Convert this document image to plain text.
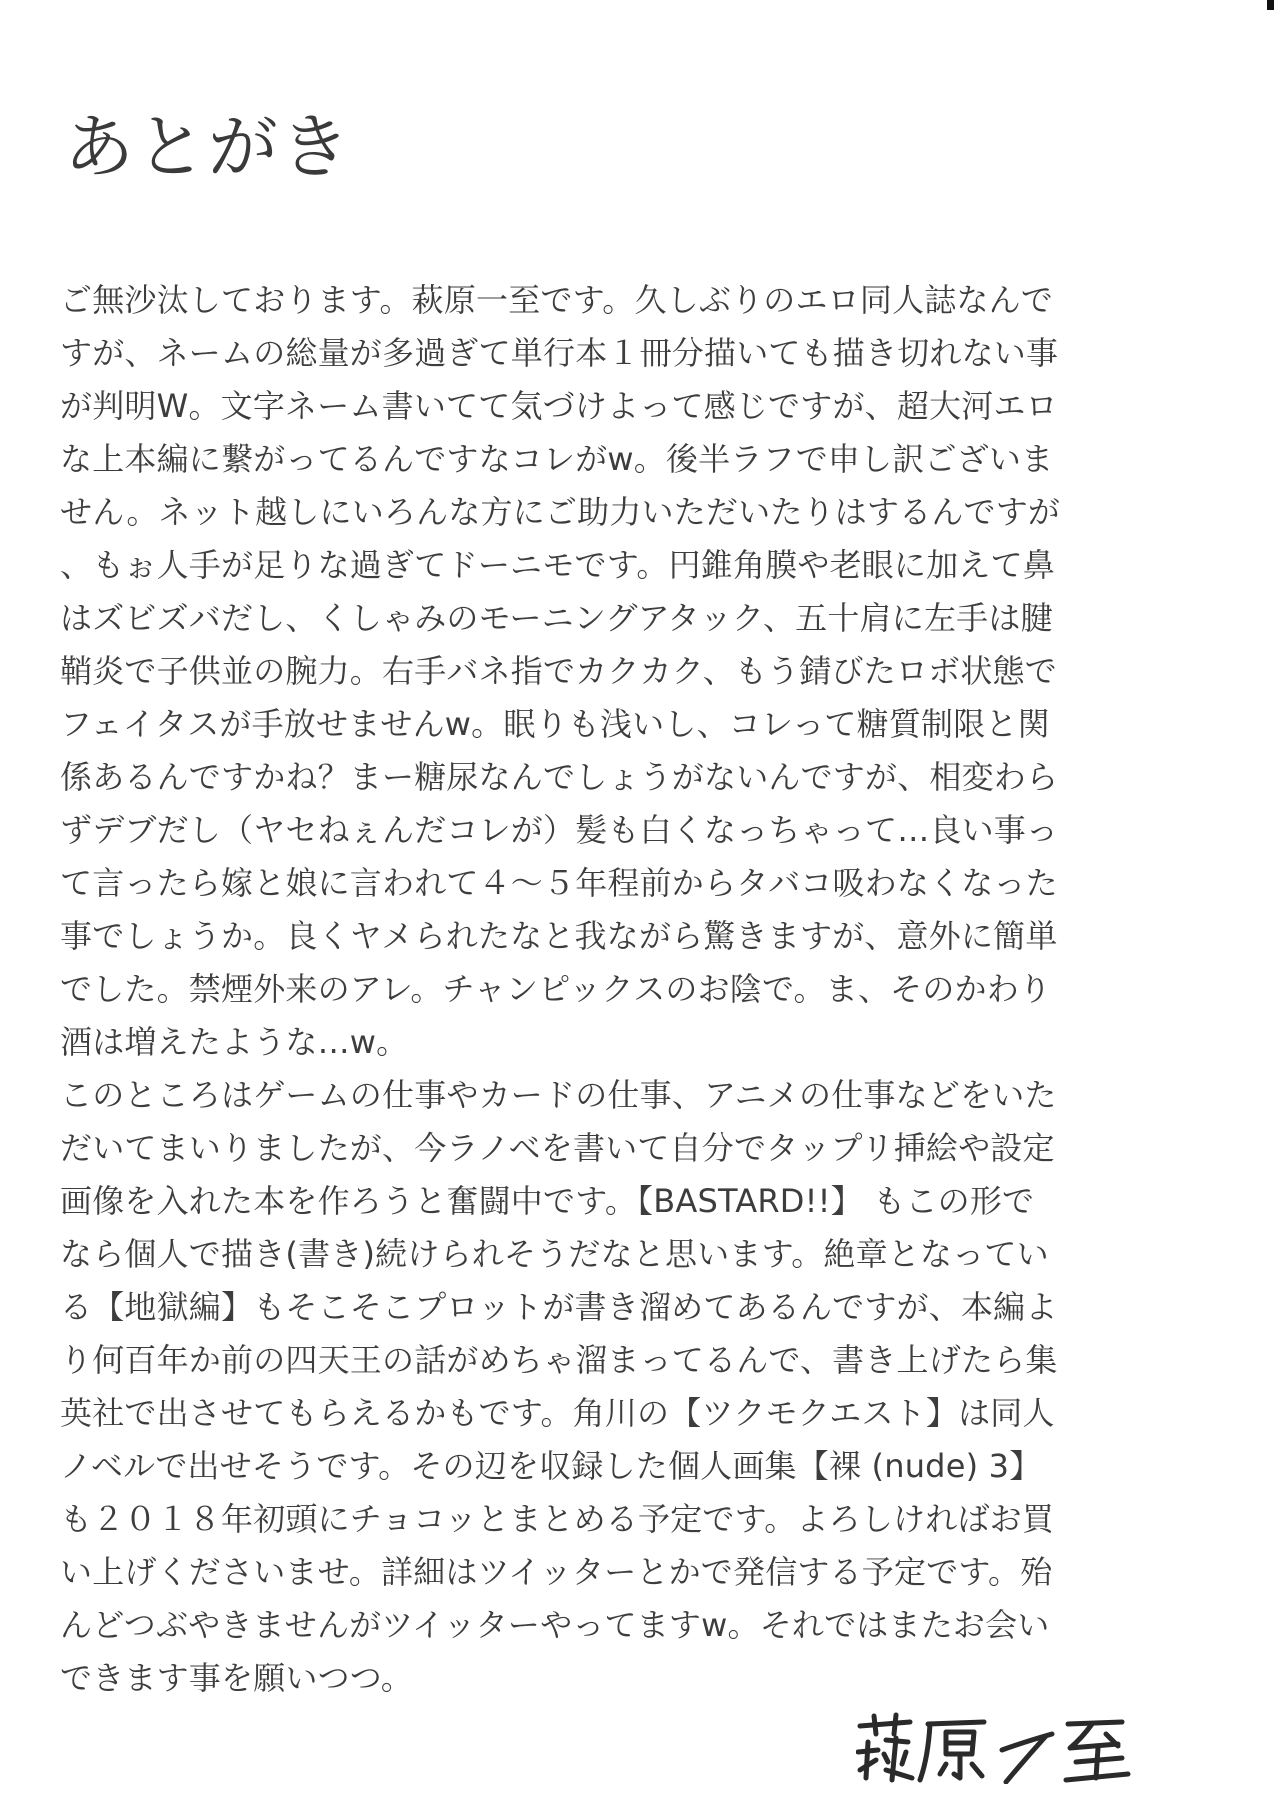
あとがき
ご無沙汰しております。萩原一至です。久しぶりのエロ同人誌なんで
すが、ネームの総量が多過ぎて単行本１冊分描いても描き切れない事
が判明W。文字ネーム書いてて気づけよって感じですが、超大河エロ
な上本編に繋がってるんですなコレがw。後半ラフで申し訳ございま
せん。ネット越しにいろんな方にご助力いただいたりはするんですが
、もぉ人手が足りな過ぎてドーニモです。円錐角膜や老眼に加えて鼻
はズビズバだし、くしゃみのモーニングアタック、五十肩に左手は腱
鞘炎で子供並の腕力。右手バネ指でカクカク、もう錆びたロボ状態で
フェイタスが手放せませんw。眠りも浅いし、コレって糖質制限と関
係あるんですかね？まー糖尿なんでしょうがないんですが、相変わら
ずデブだし（ヤセねぇんだコレが）髪も白くなっちゃって…良い事っ
て言ったら嫁と娘に言われて４～５年程前からタバコ吸わなくなった
事でしょうか。良くヤメられたなと我ながら驚きますが、意外に簡単
でした。禁煙外来のアレ。チャンピックスのお陰で。ま、そのかわり
酒は増えたような…w。
このところはゲームの仕事やカードの仕事、アニメの仕事などをいた
だいてまいりましたが、今ラノベを書いて自分でタップリ挿絵や設定
画像を入れた本を作ろうと奮闘中です。【BASTARD!!】 もこの形で
なら個人で描き(書き)続けられそうだなと思います。絶章となってい
る【地獄編】もそこそこプロットが書き溜めてあるんですが、本編よ
り何百年か前の四天王の話がめちゃ溜まってるんで、書き上げたら集
英社で出させてもらえるかもです。角川の【ツクモクエスト】は同人
ノベルで出せそうです。その辺を収録した個人画集【裸 (nude) 3】
も２０１８年初頭にチョコッとまとめる予定です。よろしければお買
い上げくださいませ。詳細はツイッターとかで発信する予定です。殆
んどつぶやきませんがツイッターやってますw。それではまたお会い
できます事を願いつつ。
